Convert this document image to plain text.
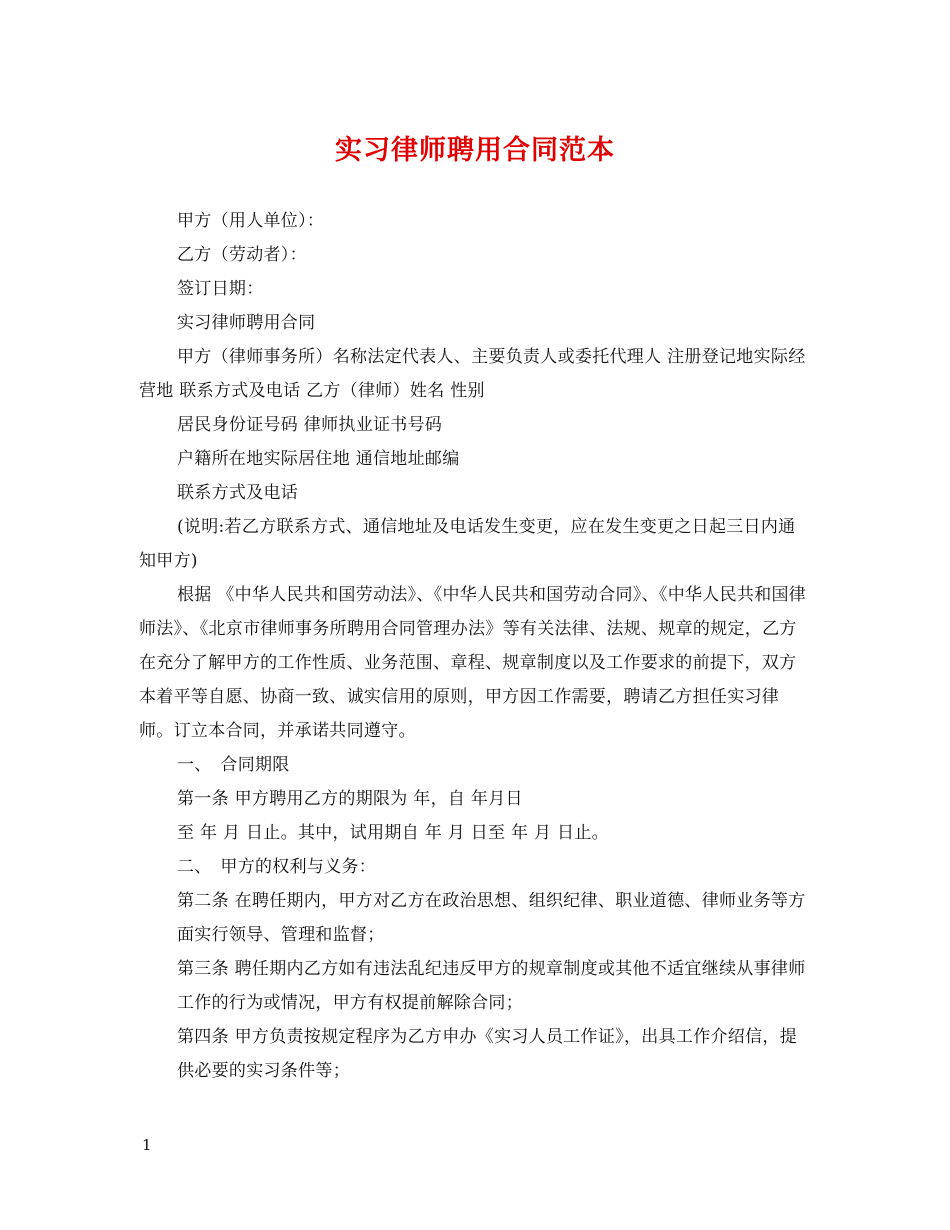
实习律师聘用合同范本

甲方（用人单位）：

乙方（劳动者）：

签订日期：

实习律师聘用合同

甲方（律师事务所）名称法定代表人、主要负责人或委托代理人 注册登记地实际经营地 联系方式及电话 乙方（律师）姓名 性别

居民身份证号码 律师执业证书号码

户籍所在地实际居住地 通信地址邮编

联系方式及电话

(说明:若乙方联系方式、通信地址及电话发生变更，应在发生变更之日起三日内通知甲方)

根据 《中华人民共和国劳动法》、《中华人民共和国劳动合同》、《中华人民共和国律师法》、《北京市律师事务所聘用合同管理办法》等有关法律、法规、规章的规定，乙方在充分了解甲方的工作性质、业务范围、章程、规章制度以及工作要求的前提下，双方本着平等自愿、协商一致、诚实信用的原则，甲方因工作需要，聘请乙方担任实习律师。订立本合同，并承诺共同遵守。

一、　合同期限

第一条 甲方聘用乙方的期限为 年，自 年月日

至 年 月 日止。其中，试用期自 年 月 日至 年 月 日止。

二、　甲方的权利与义务：

第二条 在聘任期内，甲方对乙方在政治思想、组织纪律、职业道德、律师业务等方面实行领导、管理和监督；

第三条 聘任期内乙方如有违法乱纪违反甲方的规章制度或其他不适宜继续从事律师工作的行为或情况，甲方有权提前解除合同；

第四条 甲方负责按规定程序为乙方申办《实习人员工作证》，出具工作介绍信，提供必要的实习条件等；

1
